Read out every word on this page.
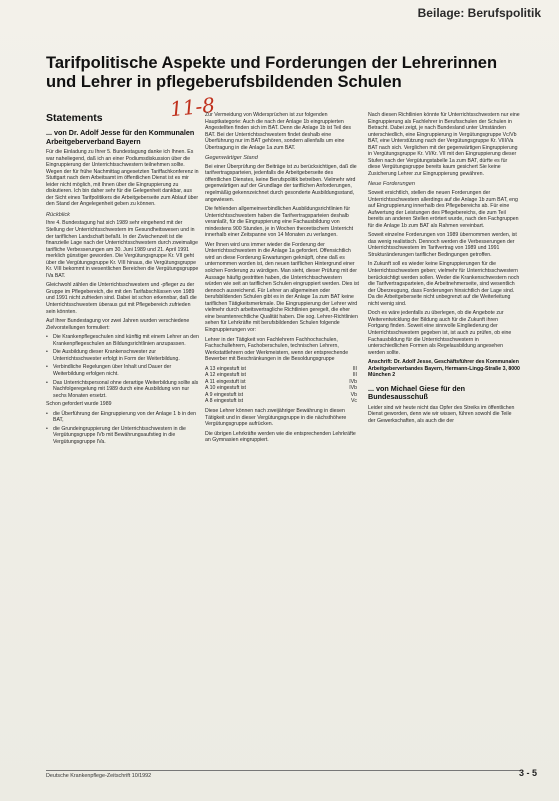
Beilage: Berufspolitik
Tarifpolitische Aspekte und Forderungen der Lehrerinnen und Lehrer in pflegeberufsbildenden Schulen
11-8
Statements
... von Dr. Adolf Jesse für den Kommunalen Arbeitgeberverband Bayern

Für die Einladung zu Ihrer 5. Bundestagung danke ich Ihnen. Es war naheliegend, daß ich an einer Podiumsdiskussion über die Eingruppierung der Unterrichtsschwestern teilnehmen sollte. Wegen der für frühe Nachmittag angesetzten Tariffachkonferenz in Stuttgart nach dem Arbeitsamt im öffentlichen Dienst ist es mir leider nicht möglich, mit Ihnen über die Eingruppierung zu diskutieren. Ich bin daher sehr für die Gelegenheit dankbar, aus der Sicht eines Tarifpolitikers die Arbeitgeberseite zum Ablauf über den Stand der Angelegenheit geben zu können.

Rückblick

Ihre 4. Bundestagung hat sich 1989 sehr eingehend mit der Stellung der Unterrichtsschwestern im Gesundheitswesen und in der tariflichen Landschaft befaßt. In der Zwischenzeit ist die finanzielle Lage nach der Unterrichtsschwestern durch zweimalige tarifliche Verbesserungen am 30. Juni 1989 und 21. April 1991 merklich günstiger geworden. Die Vergütungsgruppe Kr. VII geht über die Vergütungsgruppe Kr. VIII hinaus, die Vergütungsgruppe Kr. VIII bekommt in wesentlichen Bereichen die Vergütungsgruppe IVa BAT.

Gleichwohl zählen die Unterrichtsschwestern und -pfleger zu der Gruppe im Pflegebereich, die mit den Tarifabschlüssen von 1989 und 1991 nicht zufrieden sind. Dabei ist schon erkennbar, daß die Unterrichtsschwestern überaus gut mit Pflegebereich zufrieden sein könnten.

Auf Ihrer Bundestagung vor zwei Jahren wurden verschiedene Zielvorstellungen formuliert:

• Die Krankenpflegeschulen sind künftig mit einem Lehrer an den Krankenpflegeschulen an Bildungsrichtlinien anzupassen.
• Die Ausbildung dieser Krankenschwester zur Unterrichtsschwester erfolgt in Form der Weiterbildung.
• Verbindliche Regelungen über Inhalt und Dauer der Weiterbildung erfolgen nicht.
• Das Unterrichtspersonal ohne derartige Weiterbildung sollte als Nachfolgeregelung mit 1989 durch eine Ausbildung von nur sechs Monaten ersetzt.

Schon gefordert wurde 1989

• die Überführung der Eingruppierung von der Anlage 1 b in den BAT,
• die Grundeingruppierung der Unterrichtsschwestern in die Vergütungsgruppe IVb mit Bewährungsaufstieg in die Vergütungsgruppe IVa.

Zur Vermeidung von Widersprüchen ist zur folgenden Hauptkategorie: Auch die nach der Anlage 1b eingruppierten Angestellten finden sich im BAT. Denn die Anlage 1b ist Teil des BAT. Bei der Unterrichtsschwestern findet deshalb eine Überführung nur im BAT gehören, sondern allenfalls um eine Übertragung in die Anlage 1a zum BAT.

Gegenwärtiger Stand

Bei einer Überprüfung der Beiträge ist zu berücksichtigen, daß die tarifvertragsparteien, jedenfalls die Arbeitgeberseite des öffentlichen Dienstes, keine Berufspolitik betreiben. Vielmehr wird gegenwärtigen auf der Grundlage der tariflichen Anforderungen, regelmäßig gekennzeichnet durch gesonderte Ausbildungsstand, angewiesen.

Die fehlenden allgemeinverbindlichen Ausbildungsrichtlinien für Unterrichtsschwestern haben die Tarifvertragsparteien deshalb veranlaßt, für die Eingruppierung eine Fachausbildung von mindestens 900 Stunden, je in Wochen theoretischem Unterricht innerhalb einer Zeitspanne von 14 Monaten zu verlangen.

Wer Ihnen wird uns immer wieder die Forderung der Unterrichtsschwestern in die Anlage 1a gefordert. Offensichtlich wird an diese Forderung Erwartungen geknüpft, ohne daß es unternommen worden ist, den neuen tariflichen Hintergrund einer solchen Forderung zu würdigen. Man sieht, dieser Prüfung mit der Aussage häufig gestritten haben, die Unterrichtsschwestern würden wie seit an tariflichen Schulen eingruppiert werden. Dies ist dennoch ausreichend. Für Lehrer an allgemeinen oder berufsbildenden Schulen gibt es in der Anlage 1a zum BAT keine tariflichen Tätigkeitsmerkmale. Die Eingruppierung der Lehrer wird vielmehr durch arbeitsvertragliche Richtlinien geregelt, die eher eine beamtenrechtliche Qualität haben. Die sog. Lehrer-Richtlinien sehen für Lehrkräfte mit berufsbildenden Schulen folgende Eingruppierungen vor:

Lehrer in der Tätigkeit von Fachlehrern Fachhochschulen, Fachschullehrern, Fachoberschulen, technischen Lehrern, Werkstattlehrern oder Werkmeistern, wenn der entsprechende Bewerber mit Beschränkungen in die Besoldungsgruppe

A 13 eingestuft ist	III
A 12 eingestuft ist	III
A 11 eingestuft ist	IVb
A 10 eingestuft ist	IVb
A 9 eingestuft ist	Vb
A 8 eingestuft ist	Vc

Diese Lehrer können nach zweijähriger Bewährung in diesen Tätigkeit und in dieser Vergütungsgruppe in die nächsthöhere Vergütungsgruppe aufrücken.

Die übrigen Lehrkräfte werden wie die entsprechenden Lehrkräfte an Gymnasien eingruppiert.

Nach diesen Richtlinien könnte für Unterrichtsschwestern nur eine Eingruppierung als Fachlehrer in Berufsschulen der Schulen in Betracht. Dabei zeigt, je nach Bundesland unter Umständen unterschiedlich, eine Eingruppierung in Vergütungsgruppe Vc/Vb BAT, eine Unterstützung nach der Vergütungsgruppe Kr. VIII/Va BAT nach sich. Verglichen mit der gegenwärtigen Eingruppierung in Vergütungsgruppe Kr. VI/Kr. VII mit den Eingruppierung dieser Stufen nach der Vergütungstabelle 1a zum BAT, dürfte es für diese Vergütungsgruppe bereits kaum gesichert Sie keine Zusicherung Lehrer zur Eingruppierung gewähren.

Neue Forderungen

Soweit ersichtlich, stellen die neuen Forderungen der Unterrichtsschwestern allerdings auf die Anlage 1b zum BAT, eng auf Eingruppierung innerhalb des Pflegebereichs ab. Für eine Aufwertung der Leistungen des Pflegebereichs, die zum Teil bereits an anderen Stellen erörtert wurde, nach den Fachgruppen für die Anlage 1b zum BAT als Rahmen vereinbart.

Soweit einzelne Forderungen von 1989 übernommen werden, ist das wenig realistisch. Dennoch werden die Verbesserungen der Unterrichtsschwestern im Tarifvertrag von 1989 und 1991 Strukturänderungen tariflicher Bedingungen getroffen.

In Zukunft soll es wieder keine Eingruppierungen für die Unterrichtsschwestern geben; vielmehr für Unterrichtsschwestern berücksichtigt werden sollen. Weder die Krankenschwestern noch die Tarifvertragsparteien, die Arbeitnehmerseite, sind wesentlich der Überzeugung, dass Forderungen hinsichtlich der Lage sind. Da die Arbeitgeberseite nicht unbegrenzt auf die Weiterleitung nicht wenig sind.

Doch es wäre jedenfalls zu überlegen, ob die Angebote zur Weiterentwicklung der Bildung auch für die Zukunft ihren Fortgang finden. Soweit eine sinnvolle Eingliederung der Unterrichtsschwestern gegeben ist, ist auch zu prüfen, ob eine Fachausbildung für die Unterrichtsschwestern in unterschiedlichen Formen als Regelausbildung angesehen werden sollte.

Anschrift: Dr. Adolf Jesse, Geschäftsführer des Kommunalen Arbeitgeberverbandes Bayern, Hermann-Lingg-Straße 3, 8000 München 2
... von Michael Giese für den Bundesausschuß

Leider sind wir heute nicht das Opfer des Streiks im öffentlichen Dienst geworden, denn wie wir wissen, führen sowohl die Teile der Gewerkschaften, als auch die der

Deutsche Krankenpflege-Zeitschrift 10/1992	3 - 5
